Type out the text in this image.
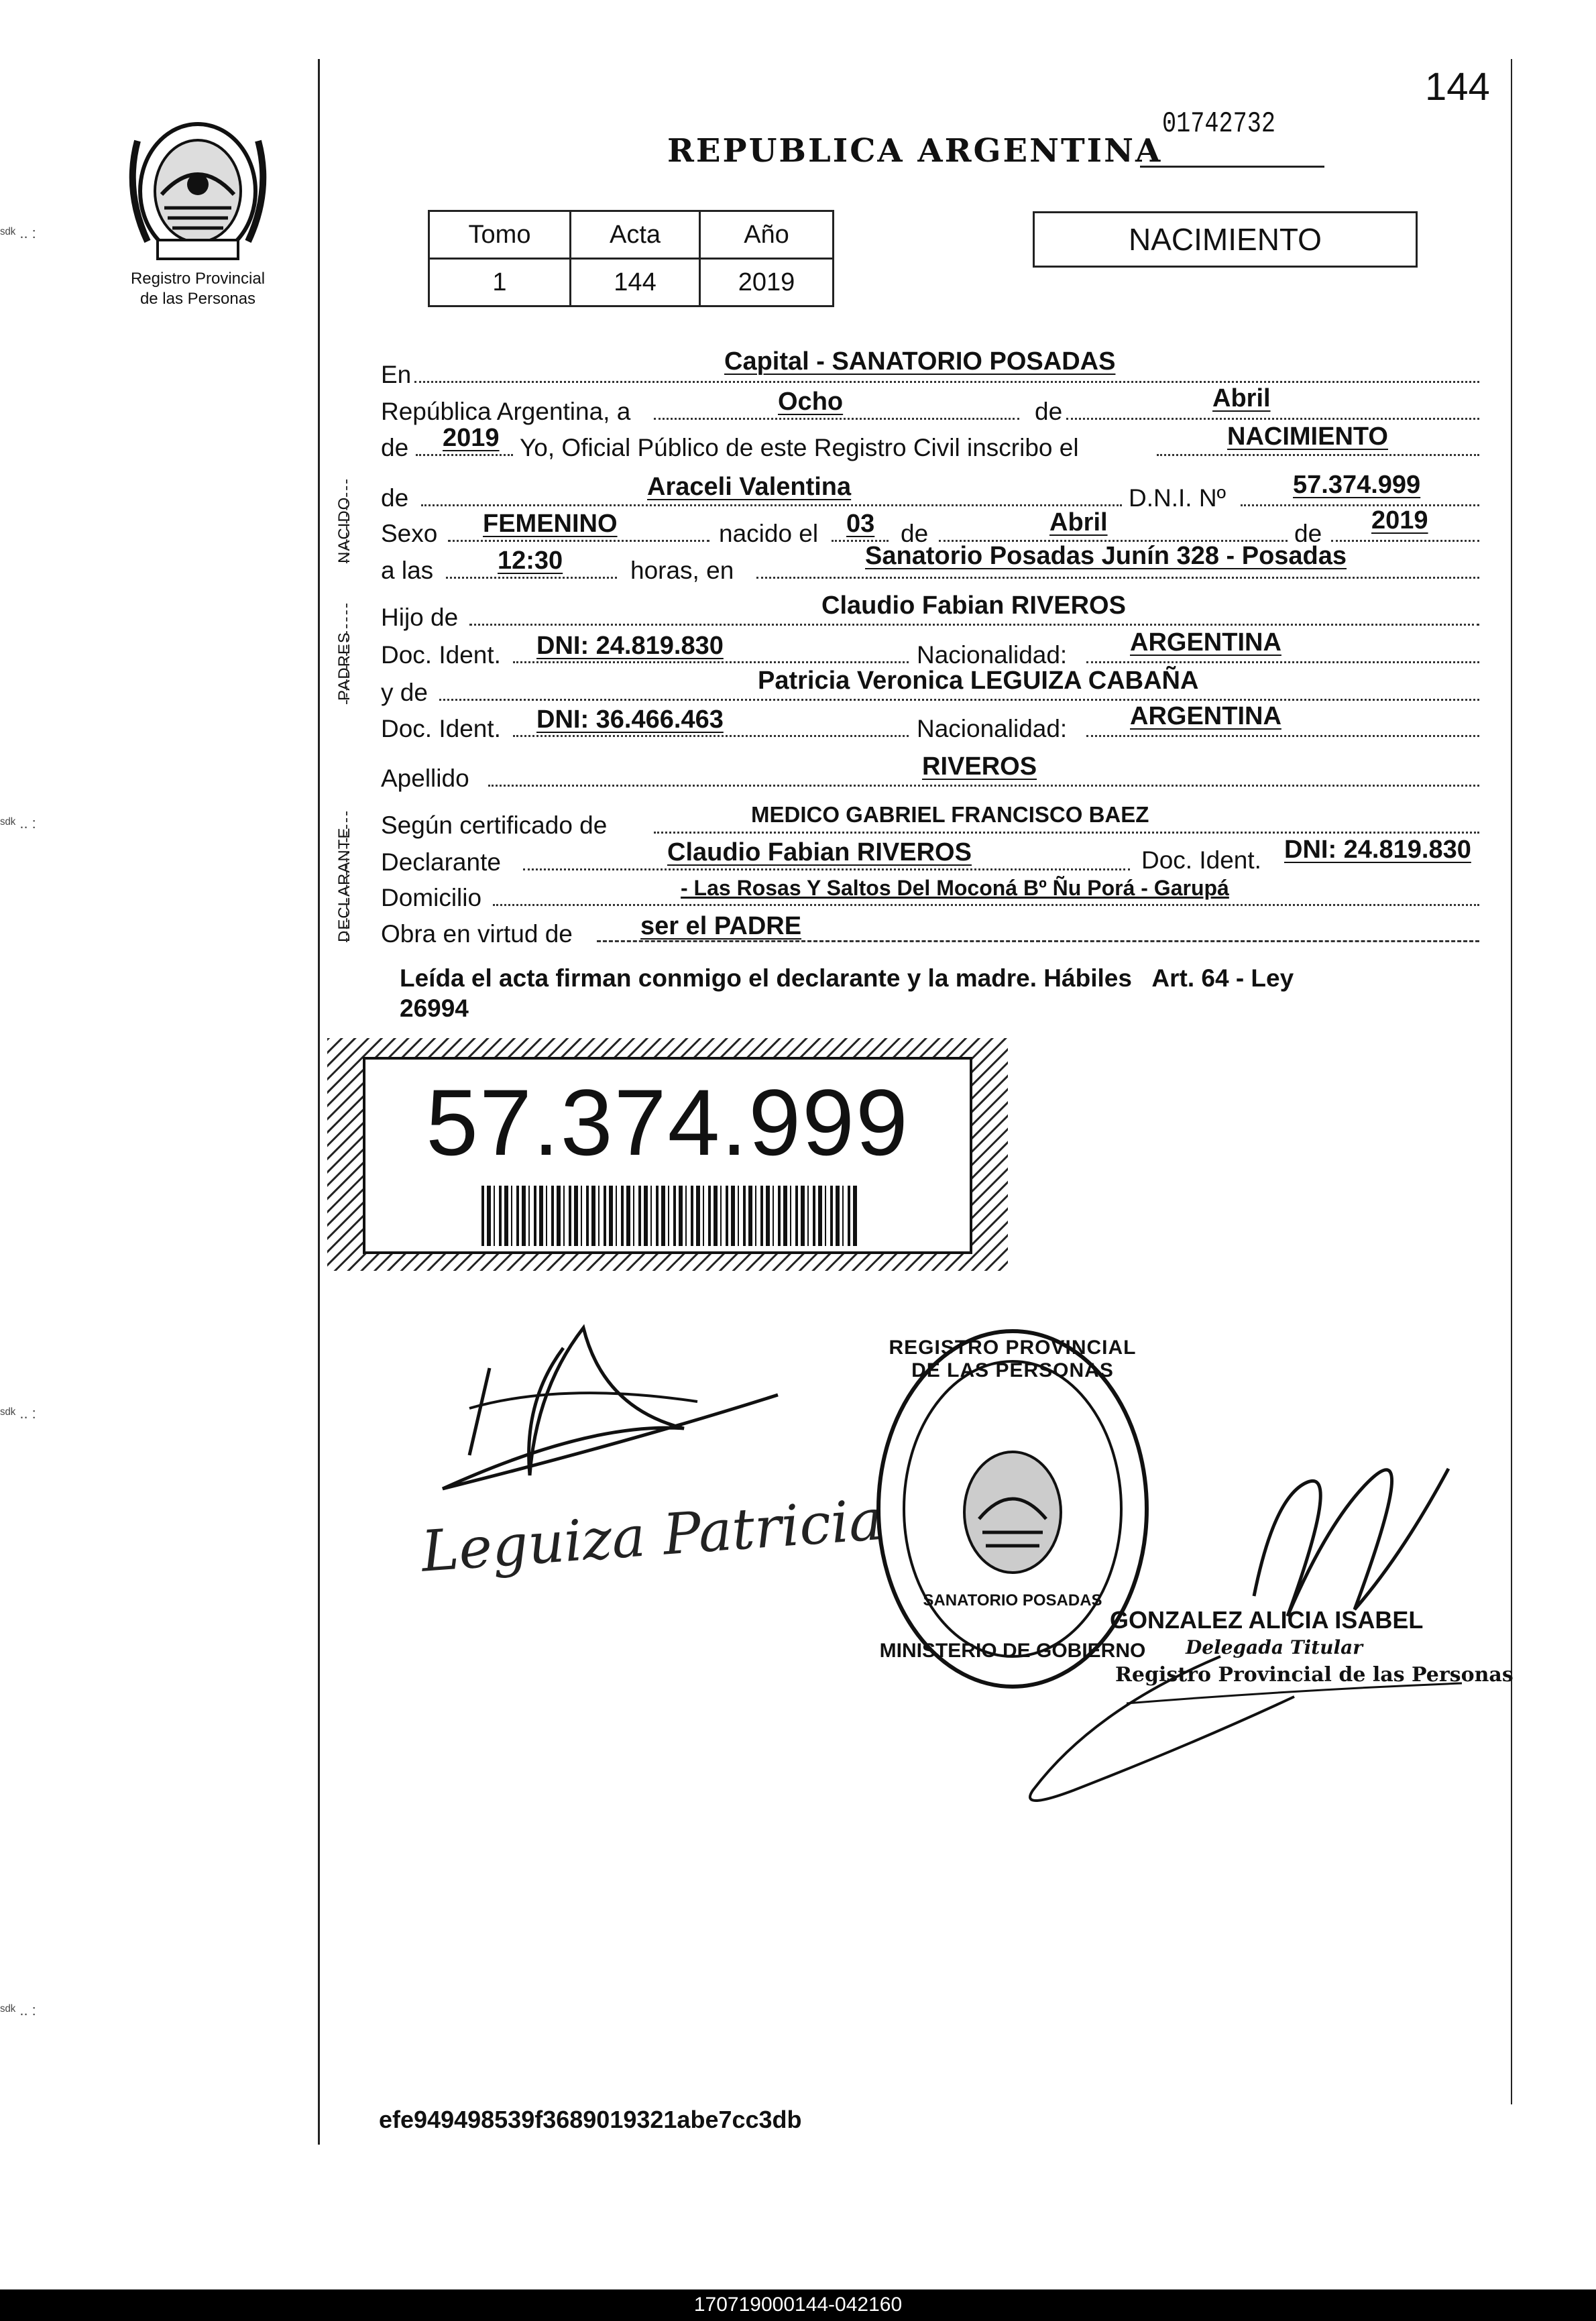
ˢᵈᵏ .. :
ˢᵈᵏ .. :
ˢᵈᵏ .. :
ˢᵈᵏ .. :
144
01742732
REPUBLICA ARGENTINA
Registro Provincial
de las Personas
Tomo	Acta	Año
1	144	2019
NACIMIENTO
NACIDO
PADRES
DECLARANTE
En	Capital - SANATORIO POSADAS
República Argentina, a	Ocho	de	Abril
de 2019 Yo, Oficial Público de este Registro Civil inscribo el	NACIMIENTO
de	Araceli Valentina	D.N.I. Nº	57.374.999
Sexo FEMENINO	nacido el 03 de	Abril	de 2019
a las	12:30	horas, en
Sanatorio Posadas Junín 328 - Posadas
Hijo de	Claudio Fabian RIVEROS
Doc. Ident. DNI: 24.819.830	Nacionalidad: ARGENTINA
y de	Patricia Veronica LEGUIZA CABAÑA
Doc. Ident. DNI: 36.466.463	Nacionalidad: ARGENTINA
Apellido	RIVEROS
Según certificado de	MEDICO GABRIEL FRANCISCO BAEZ
Declarante	Claudio Fabian RIVEROS	Doc. Ident. DNI: 24.819.830
Domicilio	- Las Rosas Y Saltos Del Moconá Bº Ñu Porá - Garupá
Obra en virtud de	ser el PADRE
Leída el acta firman conmigo el declarante y la madre. Hábiles   Art. 64 - Ley
26994
57.374.999
Leguiza Patricia
REGISTRO PROVINCIAL DE LAS PERSONAS
SANATORIO POSADAS
MINISTERIO DE GOBIERNO
GONZALEZ ALICIA ISABEL
Delegada Titular
Registro Provincial de las Personas
efe949498539f3689019321abe7cc3db
170719000144-042160
